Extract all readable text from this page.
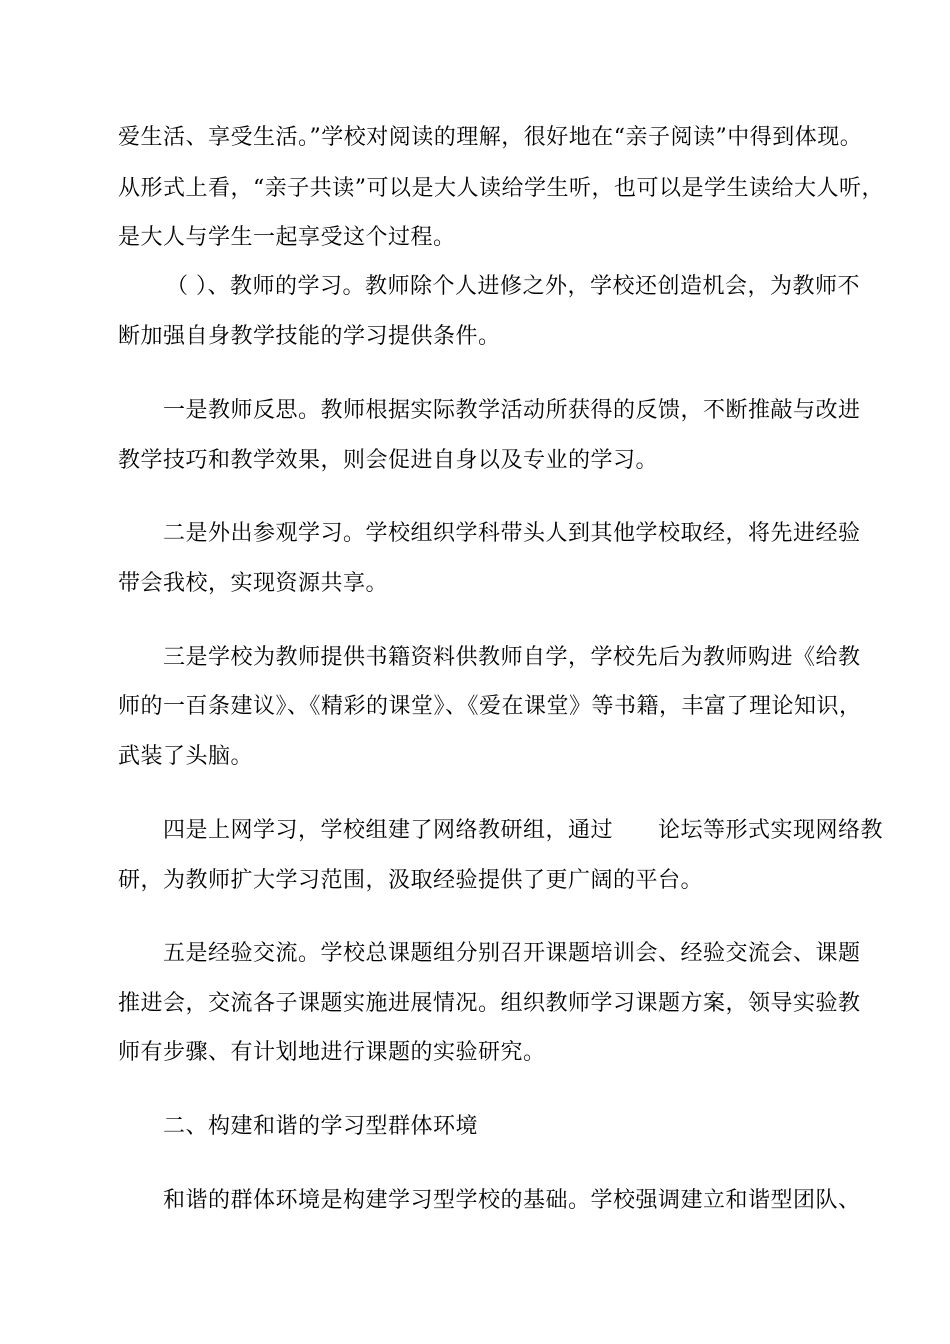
爱生活、享受生活。”学校对阅读的理解，很好地在“亲子阅读”中得到体现。

从形式上看，“亲子共读”可以是大人读给学生听，也可以是学生读给大人听，

是大人与学生一起享受这个过程。

（ ）、教师的学习。教师除个人进修之外，学校还创造机会，为教师不

断加强自身教学技能的学习提供条件。

一是教师反思。教师根据实际教学活动所获得的反馈，不断推敲与改进

教学技巧和教学效果，则会促进自身以及专业的学习。

二是外出参观学习。学校组织学科带头人到其他学校取经，将先进经验

带会我校，实现资源共享。

三是学校为教师提供书籍资料供教师自学，学校先后为教师购进《给教

师的一百条建议》、《精彩的课堂》、《爱在课堂》等书籍，丰富了理论知识，

武装了头脑。

四是上网学习，学校组建了网络教研组，通过　　论坛等形式实现网络教

研，为教师扩大学习范围，汲取经验提供了更广阔的平台。

五是经验交流。学校总课题组分别召开课题培训会、经验交流会、课题

推进会，交流各子课题实施进展情况。组织教师学习课题方案，领导实验教

师有步骤、有计划地进行课题的实验研究。

二、构建和谐的学习型群体环境

和谐的群体环境是构建学习型学校的基础。学校强调建立和谐型团队、
